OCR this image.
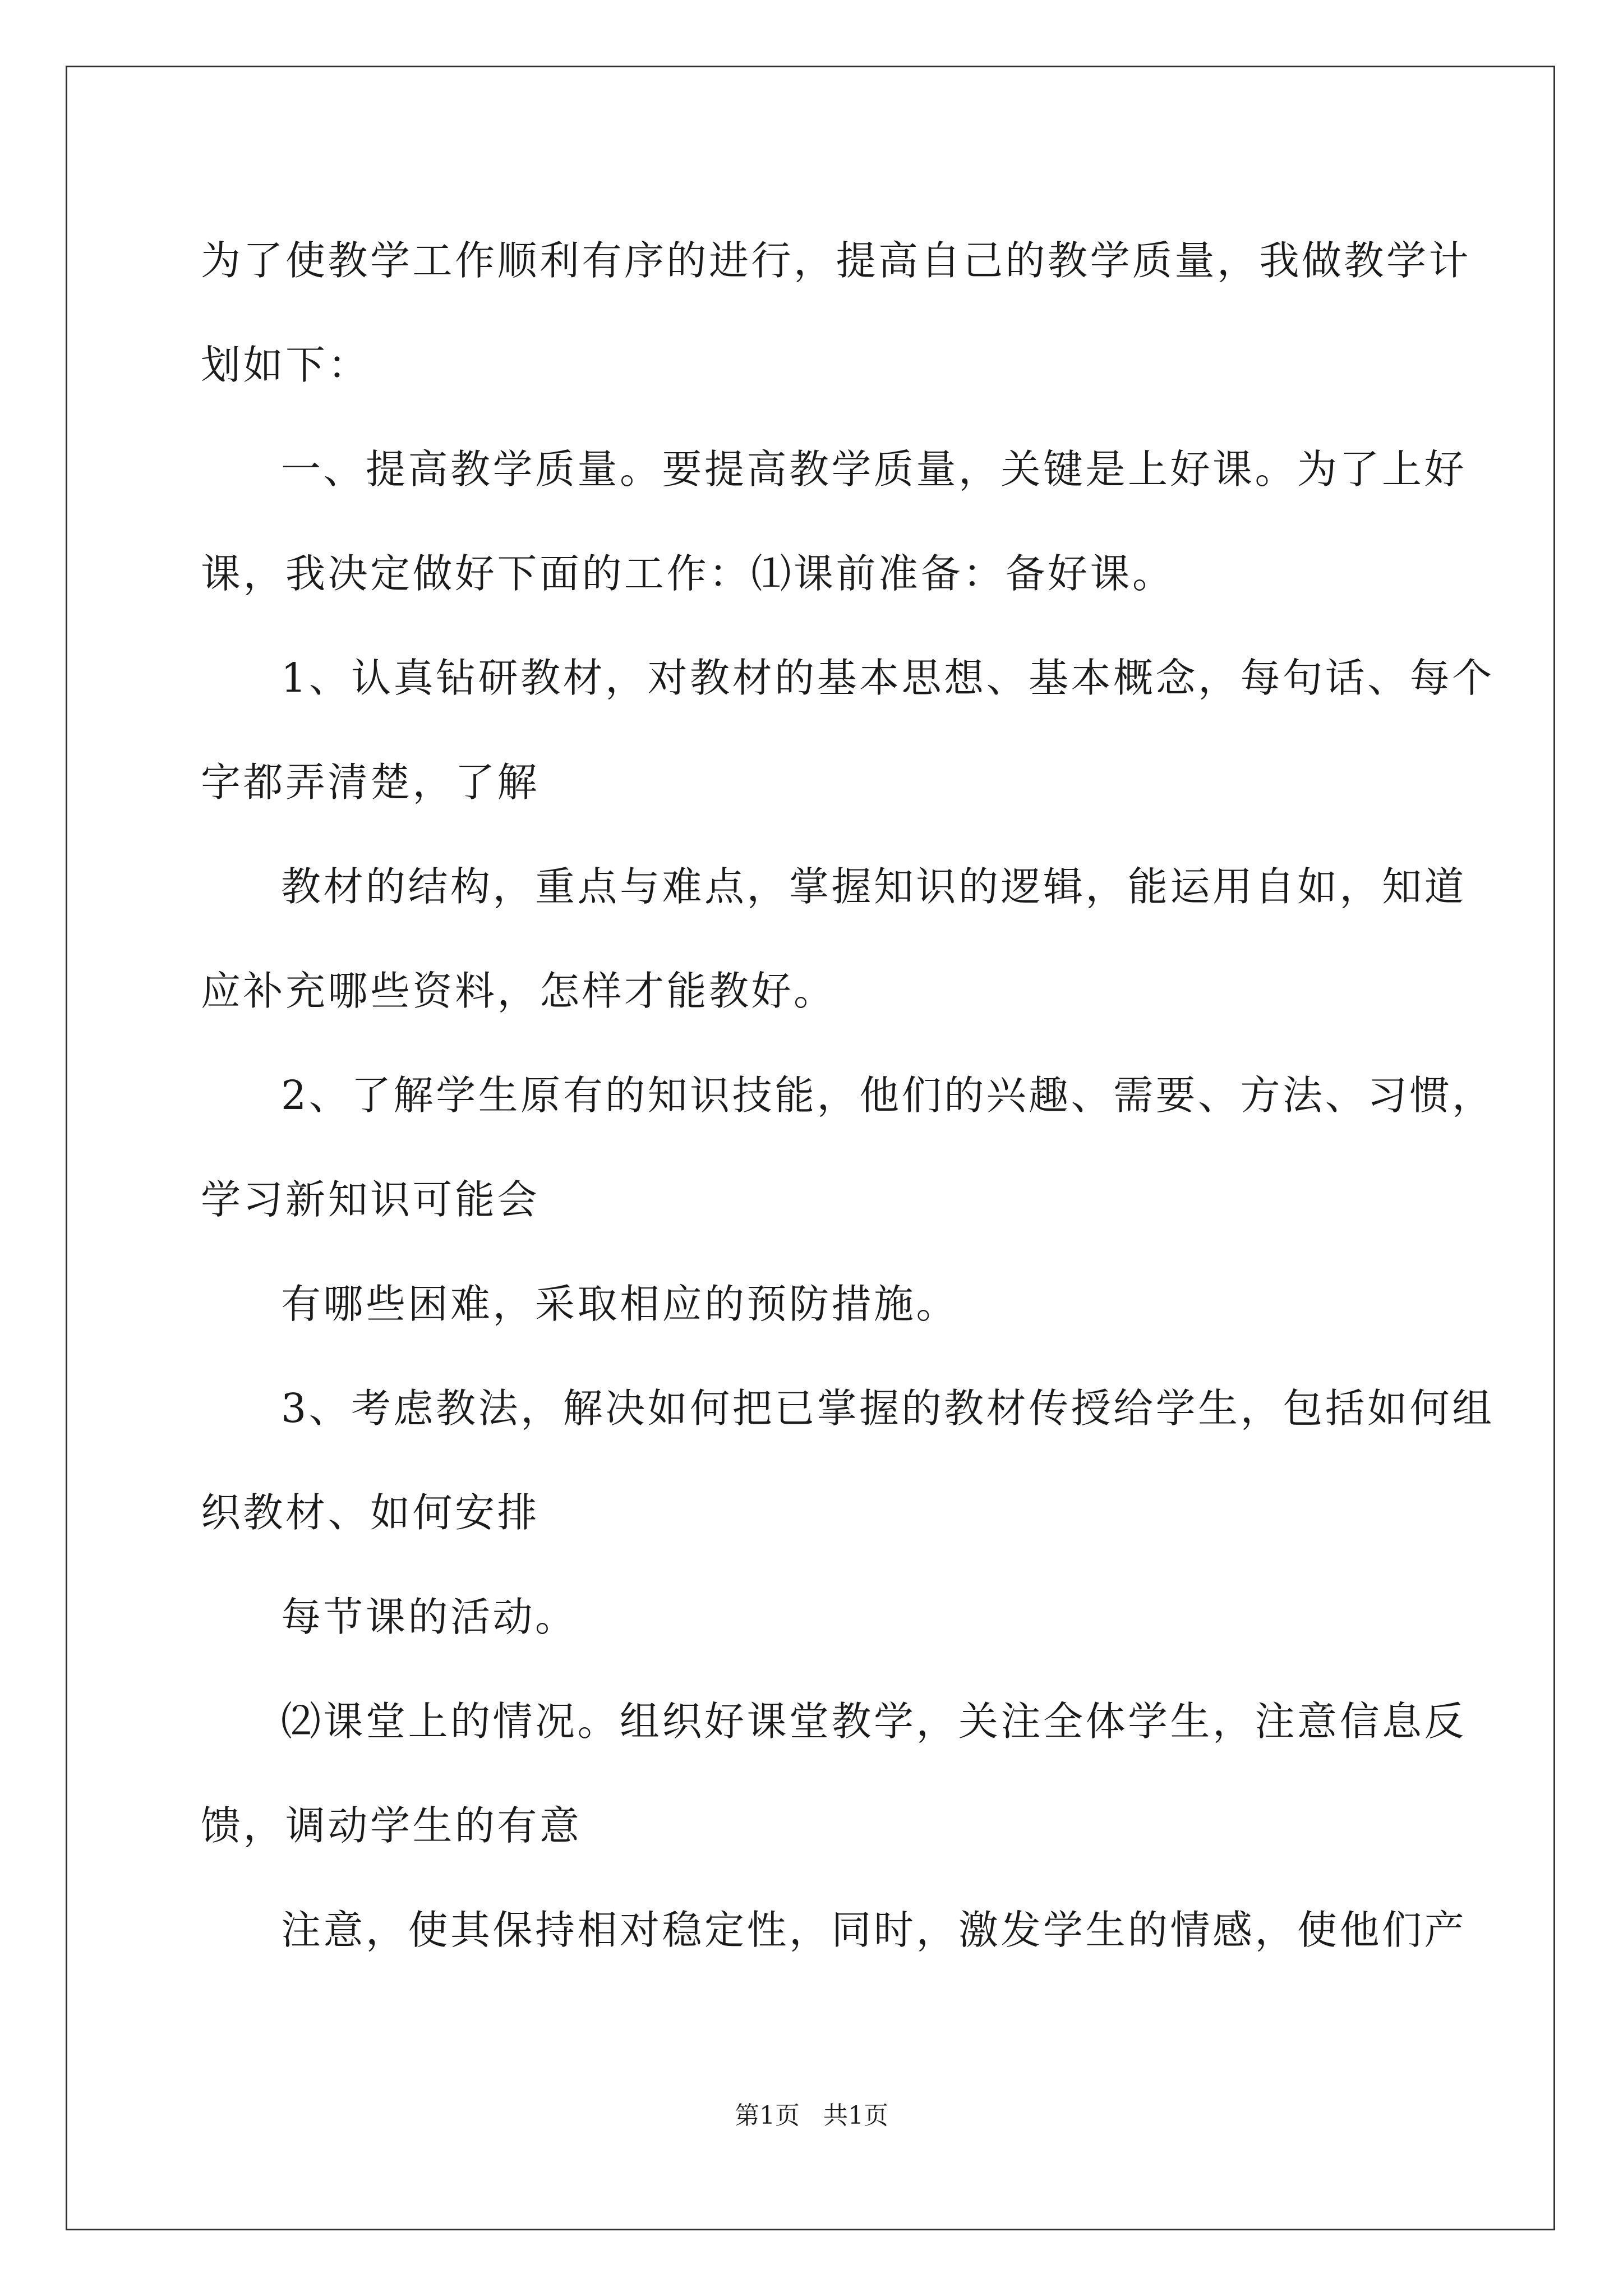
为了使教学工作顺利有序的进行，提高自己的教学质量，我做教学计
划如下：

一、提高教学质量。要提高教学质量，关键是上好课。为了上好
课，我决定做好下面的工作：⑴课前准备：备好课。

1、认真钻研教材，对教材的基本思想、基本概念，每句话、每个
字都弄清楚，了解

教材的结构，重点与难点，掌握知识的逻辑，能运用自如，知道
应补充哪些资料，怎样才能教好。

2、了解学生原有的知识技能，他们的兴趣、需要、方法、习惯，
学习新知识可能会

有哪些困难，采取相应的预防措施。

3、考虑教法，解决如何把已掌握的教材传授给学生，包括如何组
织教材、如何安排

每节课的活动。

⑵课堂上的情况。组织好课堂教学，关注全体学生，注意信息反
馈，调动学生的有意

注意，使其保持相对稳定性，同时，激发学生的情感，使他们产

第1页   共1页
